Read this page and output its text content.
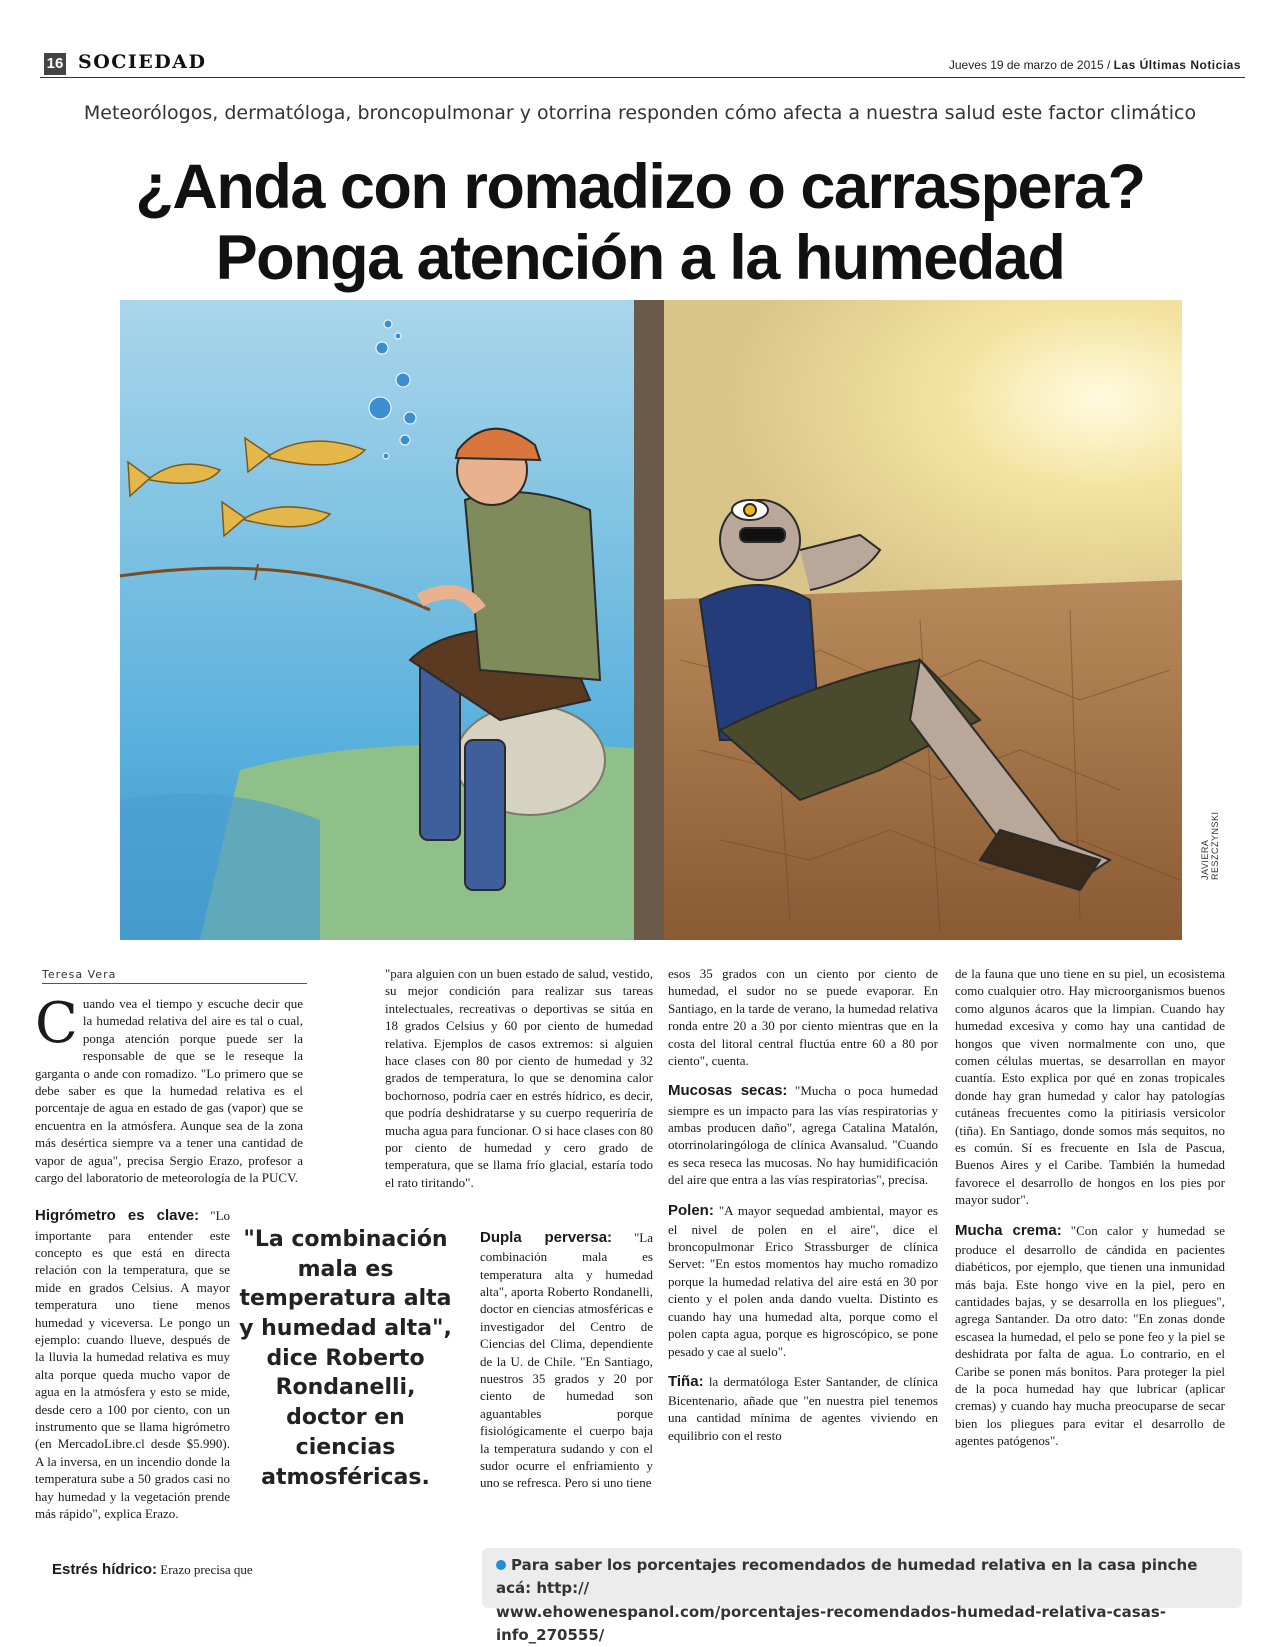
16 SOCIEDAD	Jueves 19 de marzo de 2015 / Las Últimas Noticias
Meteorólogos, dermatóloga, broncopulmonar y otorrina responden cómo afecta a nuestra salud este factor climático
¿Anda con romadizo o carraspera?
Ponga atención a la humedad
JAVIERA RESZCZYNSKI
Teresa Vera

Cuando vea el tiempo y escuche decir que la humedad relativa del aire es tal o cual, ponga atención porque puede ser la responsable de que se le reseque la garganta o ande con romadizo. "Lo primero que se debe saber es que la humedad relativa es el porcentaje de agua en estado de gas (vapor) que se encuentra en la atmósfera. Aunque sea de la zona más desértica siempre va a tener una cantidad de vapor de agua", precisa Sergio Erazo, profesor a cargo del laboratorio de meteorología de la PUCV.

Higrómetro es clave: "Lo importante para entender este concepto es que está en directa relación con la temperatura, que se mide en grados Celsius. A mayor temperatura uno tiene menos humedad y viceversa. Le pongo un ejemplo: cuando llueve, después de la lluvia la humedad relativa es muy alta porque queda mucho vapor de agua en la atmósfera y esto se mide, desde cero a 100 por ciento, con un instrumento que se llama higrómetro (en MercadoLibre.cl desde $5.990). A la inversa, en un incendio donde la temperatura sube a 50 grados casi no hay humedad y la vegetación prende más rápido", explica Erazo.

Estrés hídrico: Erazo precisa que

"La combinación mala es temperatura alta y humedad alta", dice Roberto Rondanelli, doctor en ciencias atmosféricas.

"para alguien con un buen estado de salud, vestido, su mejor condición para realizar sus tareas intelectuales, recreativas o deportivas se sitúa en 18 grados Celsius y 60 por ciento de humedad relativa. Ejemplos de casos extremos: si alguien hace clases con 80 por ciento de humedad y 32 grados de temperatura, lo que se denomina calor bochornoso, podría caer en estrés hídrico, es decir, que podría deshidratarse y su cuerpo requeriría de mucha agua para funcionar. O si hace clases con 80 por ciento de humedad y cero grado de temperatura, que se llama frío glacial, estaría todo el rato tiritando".

Dupla perversa: "La combinación mala es temperatura alta y humedad alta", aporta Roberto Rondanelli, doctor en ciencias atmosféricas e investigador del Centro de Ciencias del Clima, dependiente de la U. de Chile. "En Santiago, nuestros 35 grados y 20 por ciento de humedad son aguantables porque fisiológicamente el cuerpo baja la temperatura sudando y con el sudor ocurre el enfriamiento y uno se refresca. Pero si uno tiene

esos 35 grados con un ciento por ciento de humedad, el sudor no se puede evaporar. En Santiago, en la tarde de verano, la humedad relativa ronda entre 20 a 30 por ciento mientras que en la costa del litoral central fluctúa entre 60 a 80 por ciento", cuenta.

Mucosas secas: "Mucha o poca humedad siempre es un impacto para las vías respiratorias y ambas producen daño", agrega Catalina Matalón, otorrinolaringóloga de clínica Avansalud. "Cuando es seca reseca las mucosas. No hay humidificación del aire que entra a las vías respiratorias", precisa.

Polen: "A mayor sequedad ambiental, mayor es el nivel de polen en el aire", dice el broncopulmonar Erico Strassburger de clínica Servet: "En estos momentos hay mucho romadizo porque la humedad relativa del aire está en 30 por ciento y el polen anda dando vuelta. Distinto es cuando hay una humedad alta, porque como el polen capta agua, porque es higroscópico, se pone pesado y cae al suelo".

Tiña: la dermatóloga Ester Santander, de clínica Bicentenario, añade que "en nuestra piel tenemos una cantidad mínima de agentes viviendo en equilibrio con el resto

de la fauna que uno tiene en su piel, un ecosistema como cualquier otro. Hay microorganismos buenos como algunos ácaros que la limpian. Cuando hay humedad excesiva y como hay una cantidad de hongos que viven normalmente con uno, que comen células muertas, se desarrollan en mayor cuantía. Esto explica por qué en zonas tropicales donde hay gran humedad y calor hay patologías cutáneas frecuentes como la pitiriasis versicolor (tiña). En Santiago, donde somos más sequitos, no es común. Sí es frecuente en Isla de Pascua, Buenos Aires y el Caribe. También la humedad favorece el desarrollo de hongos en los pies por mayor sudor".

Mucha crema: "Con calor y humedad se produce el desarrollo de cándida en pacientes diabéticos, por ejemplo, que tienen una inmunidad más baja. Este hongo vive en la piel, pero en cantidades bajas, y se desarrolla en los pliegues", agrega Santander. Da otro dato: "En zonas donde escasea la humedad, el pelo se pone feo y la piel se deshidrata por falta de agua. Lo contrario, en el Caribe se ponen más bonitos. Para proteger la piel de la poca humedad hay que lubricar (aplicar cremas) y cuando hay mucha preocuparse de secar bien los pliegues para evitar el desarrollo de agentes patógenos".

Para saber los porcentajes recomendados de humedad relativa en la casa pinche acá: http://
www.ehowenespanol.com/porcentajes-recomendados-humedad-relativa-casas-info_270555/
